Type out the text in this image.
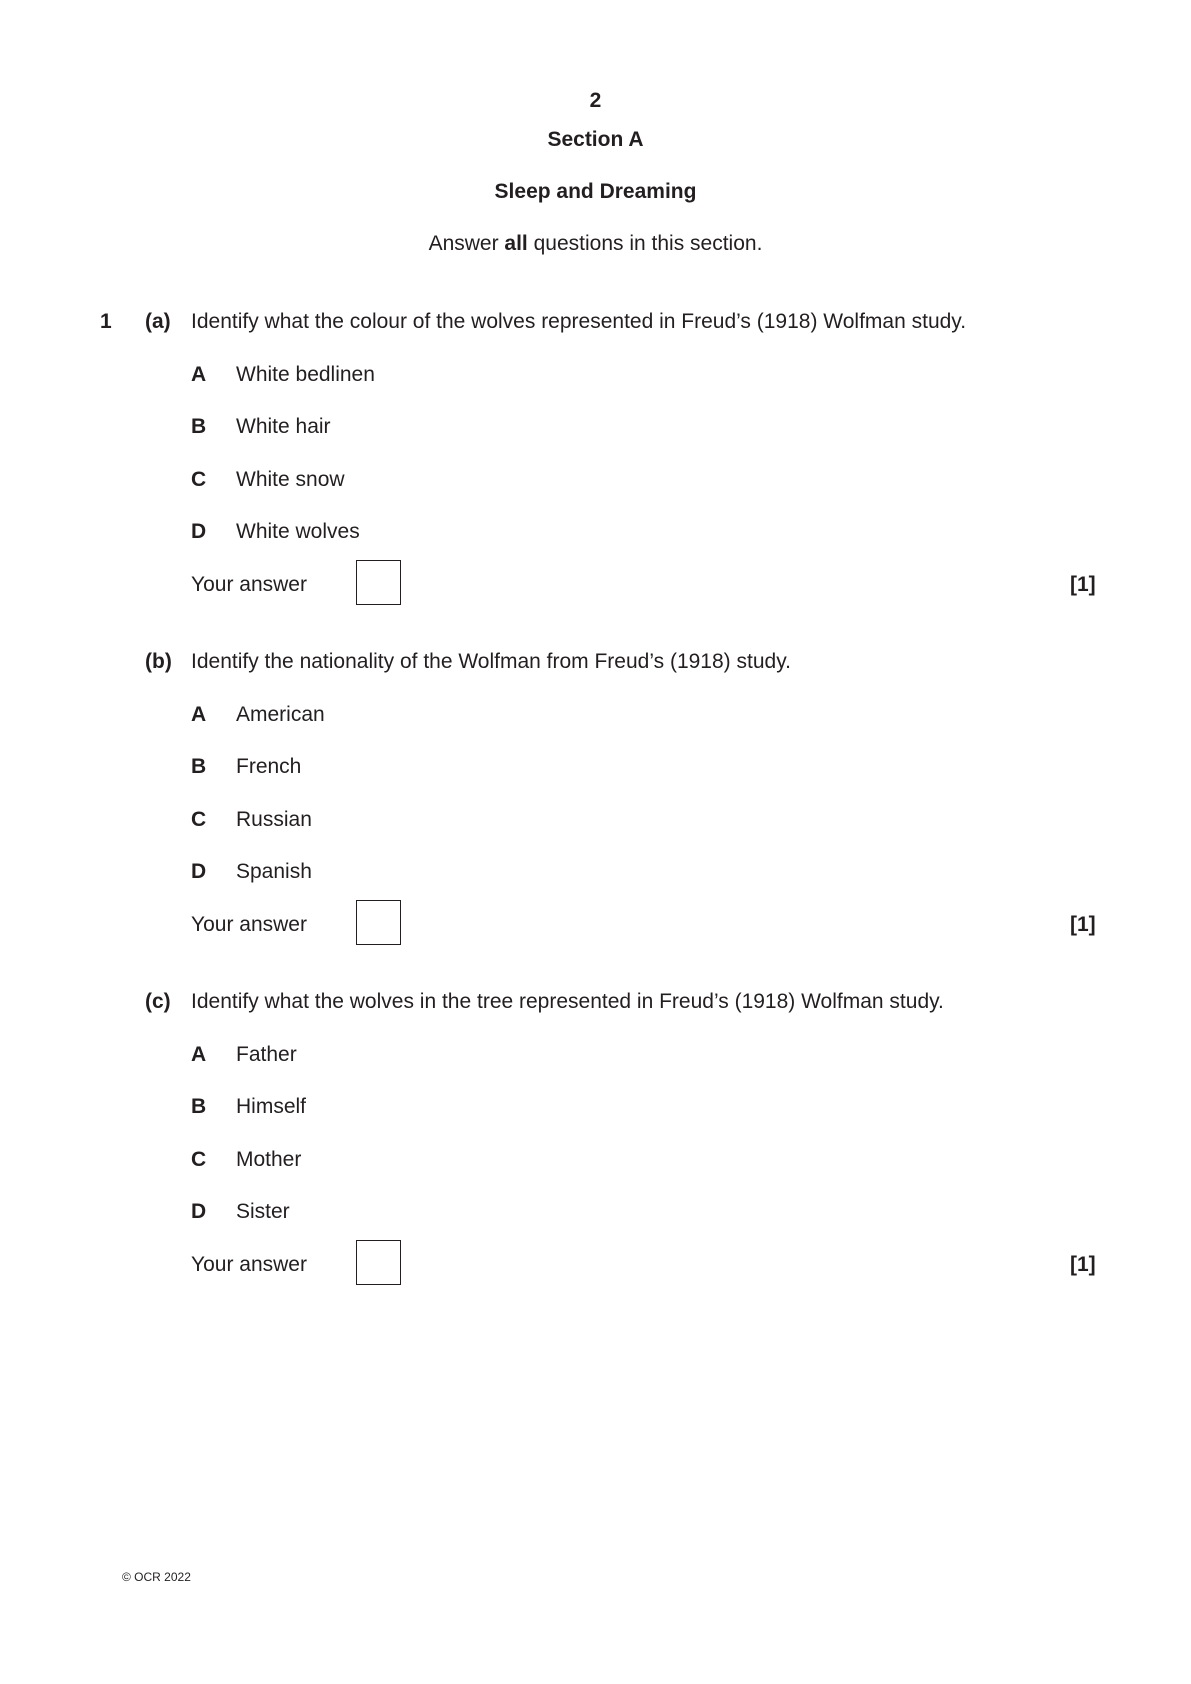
2
Section A
Sleep and Dreaming
Answer all questions in this section.
1 (a) Identify what the colour of the wolves represented in Freud’s (1918) Wolfman study.
A White bedlinen
B White hair
C White snow
D White wolves
Your answer	[1]
(b) Identify the nationality of the Wolfman from Freud’s (1918) study.
A American
B French
C Russian
D Spanish
Your answer	[1]
(c) Identify what the wolves in the tree represented in Freud’s (1918) Wolfman study.
A Father
B Himself
C Mother
D Sister
Your answer	[1]
© OCR 2022
